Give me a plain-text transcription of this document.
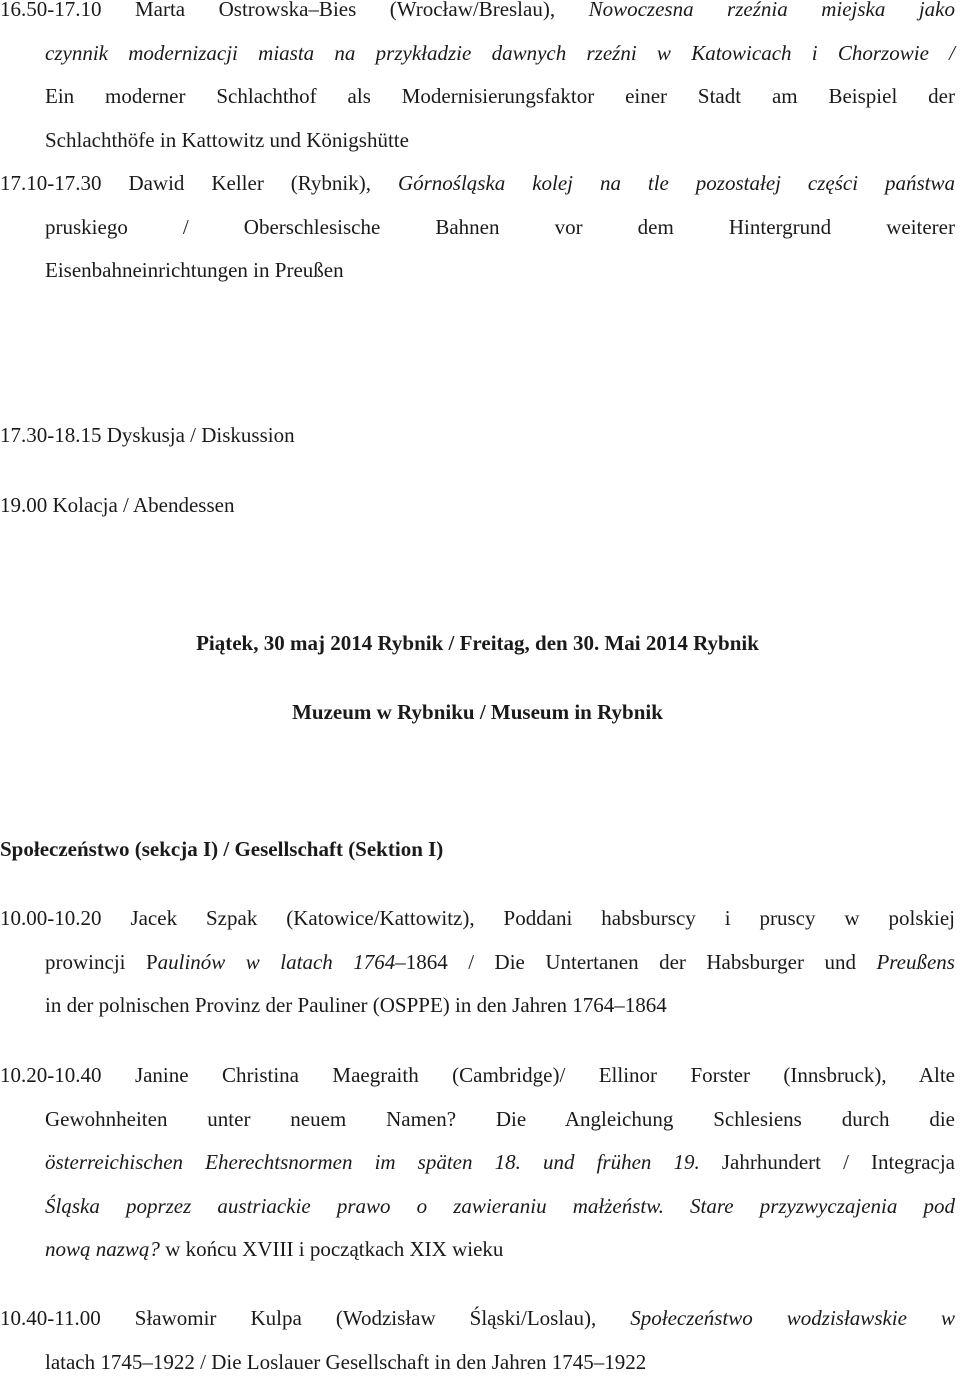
16.50-17.10 Marta Ostrowska–Bies (Wrocław/Breslau), Nowoczesna rzeźnia miejska jako
czynnik modernizacji miasta na przykładzie dawnych rzeźni w Katowicach i Chorzowie /
Ein moderner Schlachthof als Modernisierungsfaktor einer Stadt am Beispiel der
Schlachthöfe in Kattowitz und Königshütte
17.10-17.30 Dawid Keller (Rybnik), Górnośląska kolej na tle pozostałej części państwa
pruskiego / Oberschlesische Bahnen vor dem Hintergrund weiterer
Eisenbahneinrichtungen in Preußen
17.30-18.15 Dyskusja / Diskussion
19.00 Kolacja / Abendessen
Piątek, 30 maj 2014 Rybnik / Freitag, den 30. Mai 2014 Rybnik
Muzeum w Rybniku / Museum in Rybnik
Społeczeństwo (sekcja I) / Gesellschaft (Sektion I)
10.00-10.20 Jacek Szpak (Katowice/Kattowitz), Poddani habsburscy i pruscy w polskiej
prowincji Paulinów w latach 1764–1864 / Die Untertanen der Habsburger und Preußens
in der polnischen Provinz der Pauliner (OSPPE) in den Jahren 1764–1864
10.20-10.40 Janine Christina Maegraith (Cambridge)/ Ellinor Forster (Innsbruck), Alte
Gewohnheiten unter neuem Namen? Die Angleichung Schlesiens durch die
österreichischen Eherechtsnormen im späten 18. und frühen 19. Jahrhundert / Integracja
Śląska poprzez austriackie prawo o zawieraniu małżeństw. Stare przyzwyczajenia pod
nową nazwą? w końcu XVIII i początkach XIX wieku
10.40-11.00 Sławomir Kulpa (Wodzisław Śląski/Loslau), Społeczeństwo wodzisławskie w
latach 1745–1922 / Die Loslauer Gesellschaft in den Jahren 1745–1922
